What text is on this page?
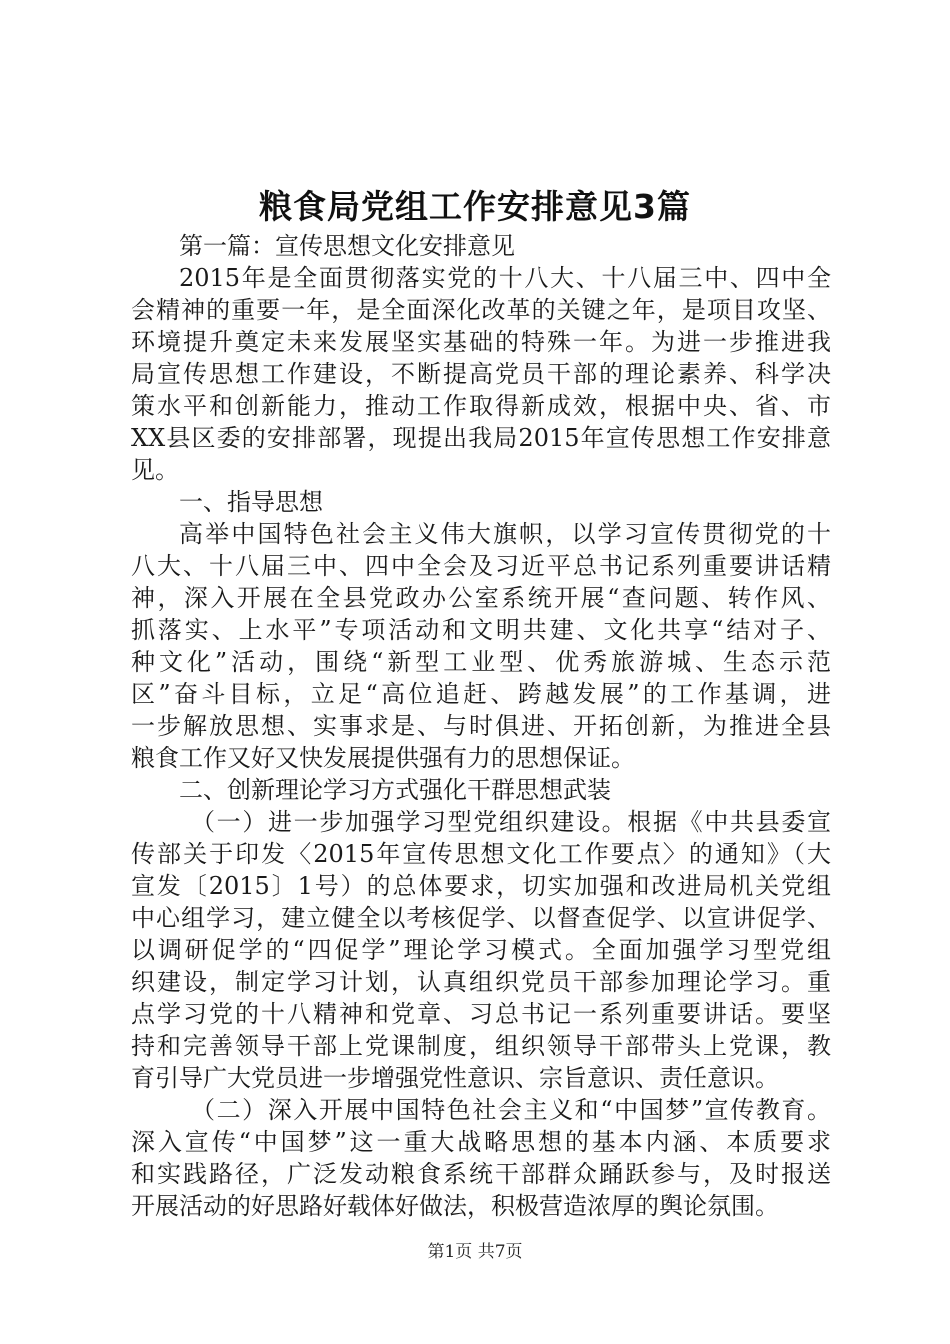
粮食局党组工作安排意见3篇
第一篇：宣传思想文化安排意见
2015年是全面贯彻落实党的十八大、十八届三中、四中全
会精神的重要一年，是全面深化改革的关键之年，是项目攻坚、
环境提升奠定未来发展坚实基础的特殊一年。为进一步推进我
局宣传思想工作建设，不断提高党员干部的理论素养、科学决
策水平和创新能力，推动工作取得新成效，根据中央、省、市
XX县区委的安排部署，现提出我局2015年宣传思想工作安排意
见。
一、指导思想
高举中国特色社会主义伟大旗帜，以学习宣传贯彻党的十
八大、十八届三中、四中全会及习近平总书记系列重要讲话精
神，深入开展在全县党政办公室系统开展“查问题、转作风、
抓落实、上水平”专项活动和文明共建、文化共享“结对子、
种文化”活动，围绕“新型工业型、优秀旅游城、生态示范
区”奋斗目标，立足“高位追赶、跨越发展”的工作基调，进
一步解放思想、实事求是、与时俱进、开拓创新，为推进全县
粮食工作又好又快发展提供强有力的思想保证。
二、创新理论学习方式强化干群思想武装
（一）进一步加强学习型党组织建设。根据《中共县委宣
传部关于印发〈2015年宣传思想文化工作要点〉的通知》（大
宣发〔2015〕1号）的总体要求，切实加强和改进局机关党组
中心组学习，建立健全以考核促学、以督查促学、以宣讲促学、
以调研促学的“四促学”理论学习模式。全面加强学习型党组
织建设，制定学习计划，认真组织党员干部参加理论学习。重
点学习党的十八精神和党章、习总书记一系列重要讲话。要坚
持和完善领导干部上党课制度，组织领导干部带头上党课，教
育引导广大党员进一步增强党性意识、宗旨意识、责任意识。
（二）深入开展中国特色社会主义和“中国梦”宣传教育。
深入宣传“中国梦”这一重大战略思想的基本内涵、本质要求
和实践路径，广泛发动粮食系统干部群众踊跃参与，及时报送
开展活动的好思路好载体好做法，积极营造浓厚的舆论氛围。
第1页 共7页
